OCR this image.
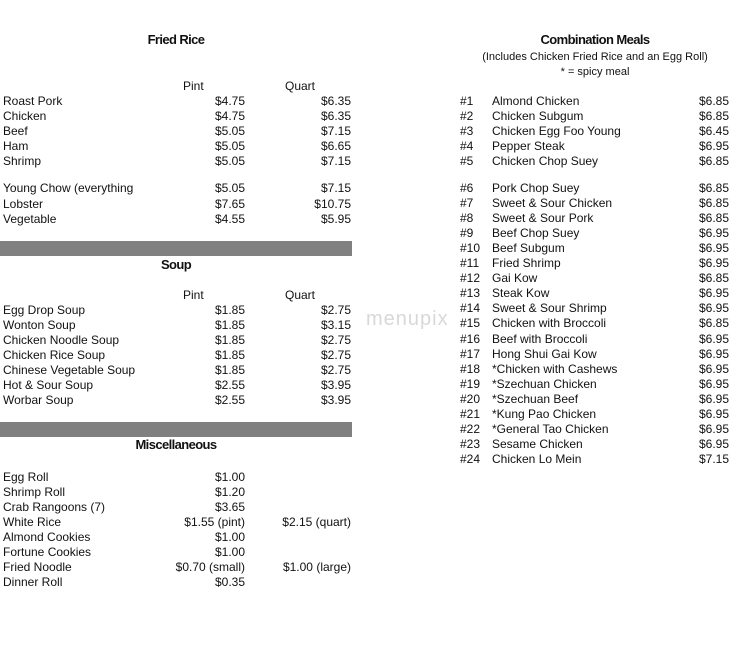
menupix
Fried Rice
Pint	Quart
Roast Pork	$4.75	$6.35
Chicken	$4.75	$6.35
Beef	$5.05	$7.15
Ham	$5.05	$6.65
Shrimp	$5.05	$7.15
Young Chow (everything	$5.05	$7.15
Lobster	$7.65	$10.75
Vegetable	$4.55	$5.95
Soup
Pint	Quart
Egg Drop Soup	$1.85	$2.75
Wonton Soup	$1.85	$3.15
Chicken Noodle Soup	$1.85	$2.75
Chicken Rice Soup	$1.85	$2.75
Chinese Vegetable Soup	$1.85	$2.75
Hot & Sour Soup	$2.55	$3.95
Worbar Soup	$2.55	$3.95
Miscellaneous
Egg Roll	$1.00
Shrimp Roll	$1.20
Crab Rangoons (7)	$3.65
White Rice	$1.55 (pint)	$2.15 (quart)
Almond Cookies	$1.00
Fortune Cookies	$1.00
Fried Noodle	$0.70 (small)	$1.00 (large)
Dinner Roll	$0.35
Combination Meals
(Includes Chicken Fried Rice and an Egg Roll)
* = spicy meal
#1 Almond Chicken	$6.85
#2 Chicken Subgum	$6.85
#3 Chicken Egg Foo Young	$6.45
#4 Pepper Steak	$6.95
#5 Chicken Chop Suey	$6.85
#6 Pork Chop Suey	$6.85
#7 Sweet & Sour Chicken	$6.85
#8 Sweet & Sour Pork	$6.85
#9 Beef Chop Suey	$6.95
#10 Beef Subgum	$6.95
#11 Fried Shrimp	$6.95
#12 Gai Kow	$6.85
#13 Steak Kow	$6.95
#14 Sweet & Sour Shrimp	$6.95
#15 Chicken with Broccoli	$6.85
#16 Beef with Broccoli	$6.95
#17 Hong Shui Gai Kow	$6.95
#18 *Chicken with Cashews	$6.95
#19 *Szechuan Chicken	$6.95
#20 *Szechuan Beef	$6.95
#21 *Kung Pao Chicken	$6.95
#22 *General Tao Chicken	$6.95
#23 Sesame Chicken	$6.95
#24 Chicken Lo Mein	$7.15
